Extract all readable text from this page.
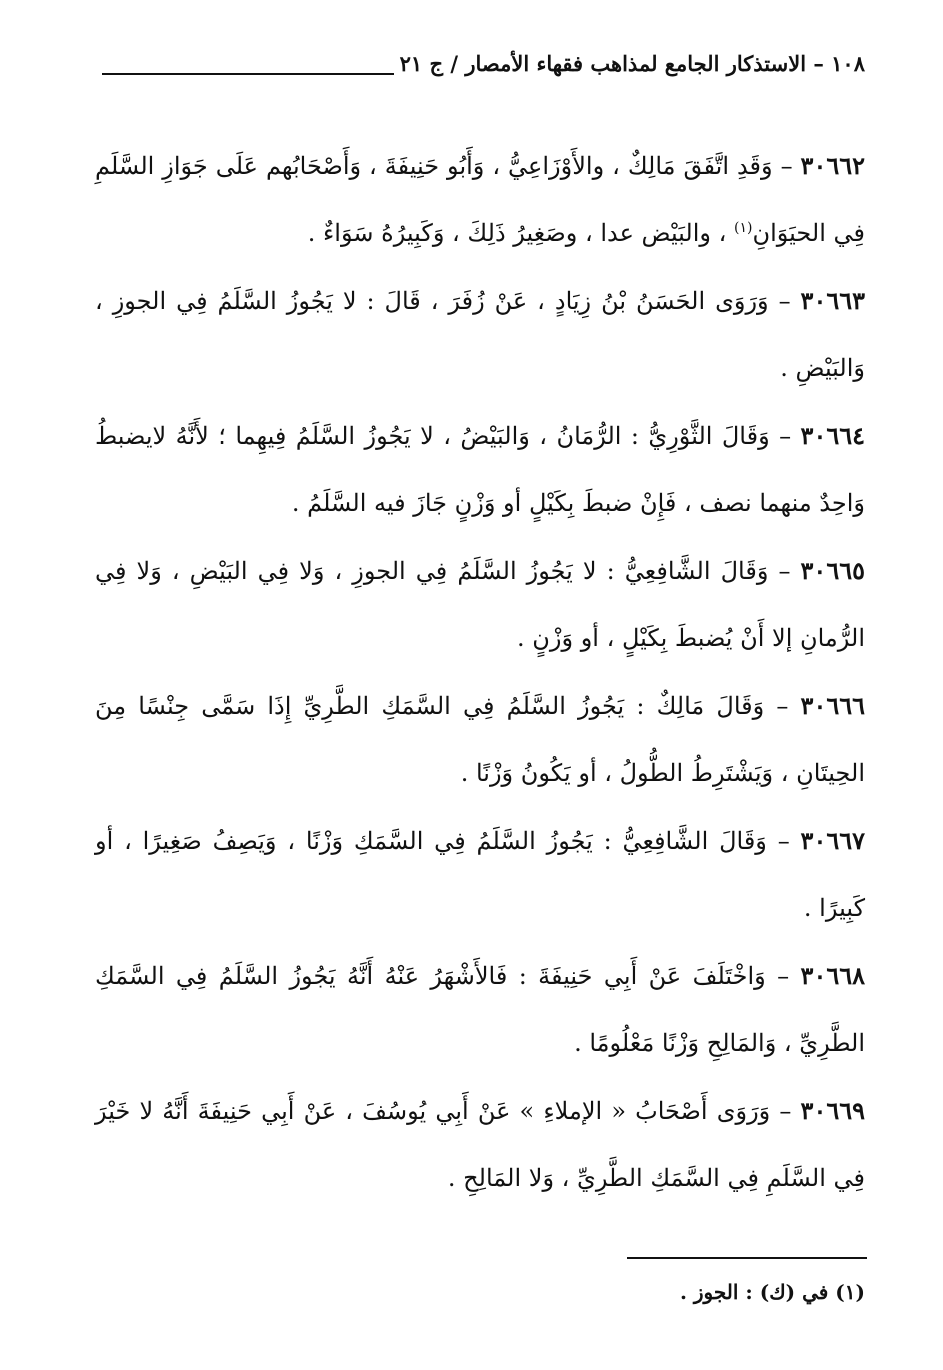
١٠٨ – الاستذكار الجامع لمذاهب فقهاء الأمصار / ج ٢١

٣٠٦٦٢ – وَقَدِ اتَّفَقَ مَالِكٌ ، والأَوْزَاعِيُّ ، وَأَبُو حَنِيفَةَ ، وَأَصْحَابُهم عَلَى جَوَازِ السَّلَمِ فِي الحيَوَانِ$^{(١)}$ ، والبَيْض عدا ، وصَغِيرُ ذَلِكَ ، وَكَبِيرُهُ سَوَاءٌ .

٣٠٦٦٣ – وَرَوَى الحَسَنُ بْنُ زِيَادٍ ، عَنْ زُفَرَ ، قَالَ : لا يَجُوزُ السَّلَمُ فِي الجوزِ ، وَالبَيْضِ .

٣٠٦٦٤ – وَقَالَ الثَّوْرِيُّ : الرُّمَانُ ، وَالبَيْضُ ، لا يَجُوزُ السَّلَمُ فِيهِما ؛ لأَنَّهُ لايضبطُ وَاحِدٌ منهما نصف ، فَإِنْ ضبطَ بِكَيْلٍ أو وَزْنٍ جَازَ فيه السَّلَمُ .

٣٠٦٦٥ – وَقَالَ الشَّافِعِيُّ : لا يَجُوزُ السَّلَمُ فِي الجوزِ ، وَلا فِي البَيْضِ ، وَلا فِي الرُّمانِ إلا أَنْ يُضبطَ بِكَيْلٍ ، أو وَزْنٍ .

٣٠٦٦٦ – وَقَالَ مَالِكٌ : يَجُوزُ السَّلَمُ فِي السَّمَكِ الطَّرِيِّ إِذَا سَمَّى جِنْسًا مِنَ الحِيتَانِ ، وَيَشْتَرِطُ الطُّولُ ، أو يَكُونُ وَزْنًا .

٣٠٦٦٧ – وَقَالَ الشَّافِعِيُّ : يَجُوزُ السَّلَمُ فِي السَّمَكِ وَزْنًا ، وَيَصِفُ صَغِيرًا ، أو كَبِيرًا .

٣٠٦٦٨ – وَاخْتَلَفَ عَنْ أَبِي حَنِيفَةَ : فَالأَشْهَرُ عَنْهُ أَنَّهُ يَجُوزُ السَّلَمُ فِي السَّمَكِ الطَّرِيِّ ، وَالمَالِحِ وَزْنًا مَعْلُومًا .

٣٠٦٦٩ – وَرَوَى أَصْحَابُ « الإملاءِ » عَنْ أَبِي يُوسُفَ ، عَنْ أَبِي حَنِيفَةَ أَنَّهُ لا خَيْرَ فِي السَّلَمِ فِي السَّمَكِ الطَّرِيِّ ، وَلا المَالِحِ .

(١) في (ك) : الجوز .
